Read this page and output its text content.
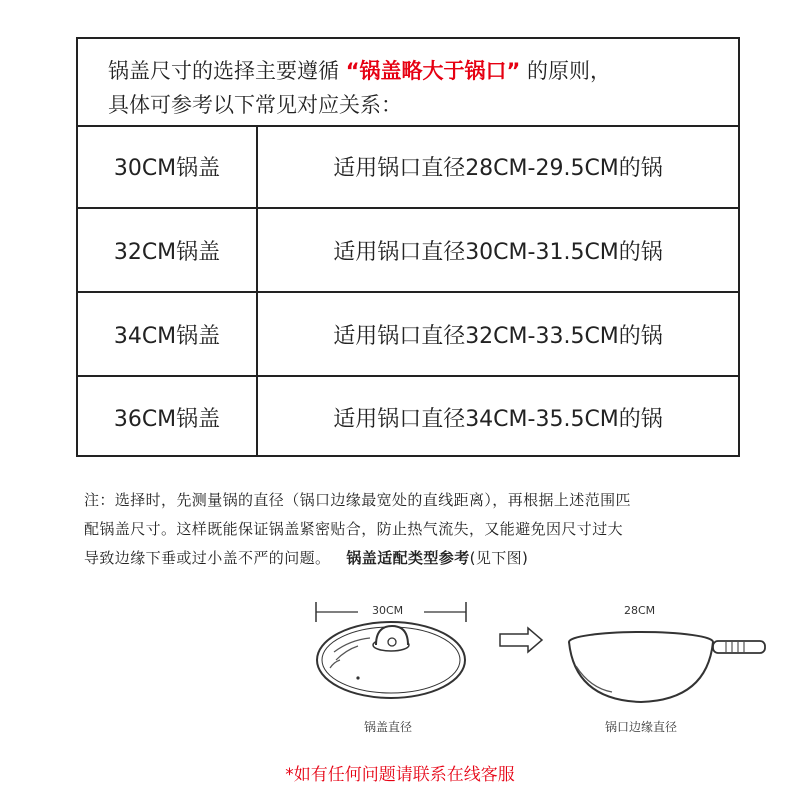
锅盖尺寸的选择主要遵循 “锅盖略大于锅口” 的原则，
具体可参考以下常见对应关系：
30CM锅盖	适用锅口直径28CM-29.5CM的锅
32CM锅盖	适用锅口直径30CM-31.5CM的锅
34CM锅盖	适用锅口直径32CM-33.5CM的锅
36CM锅盖	适用锅口直径34CM-35.5CM的锅
注：选择时，先测量锅的直径（锅口边缘最宽处的直线距离），再根据上述范围匹
配锅盖尺寸。这样既能保证锅盖紧密贴合，防止热气流失，又能避免因尺寸过大
导致边缘下垂或过小盖不严的问题。 锅盖适配类型参考(见下图)
30CM
锅盖直径
28CM
锅口边缘直径
*如有任何问题请联系在线客服
